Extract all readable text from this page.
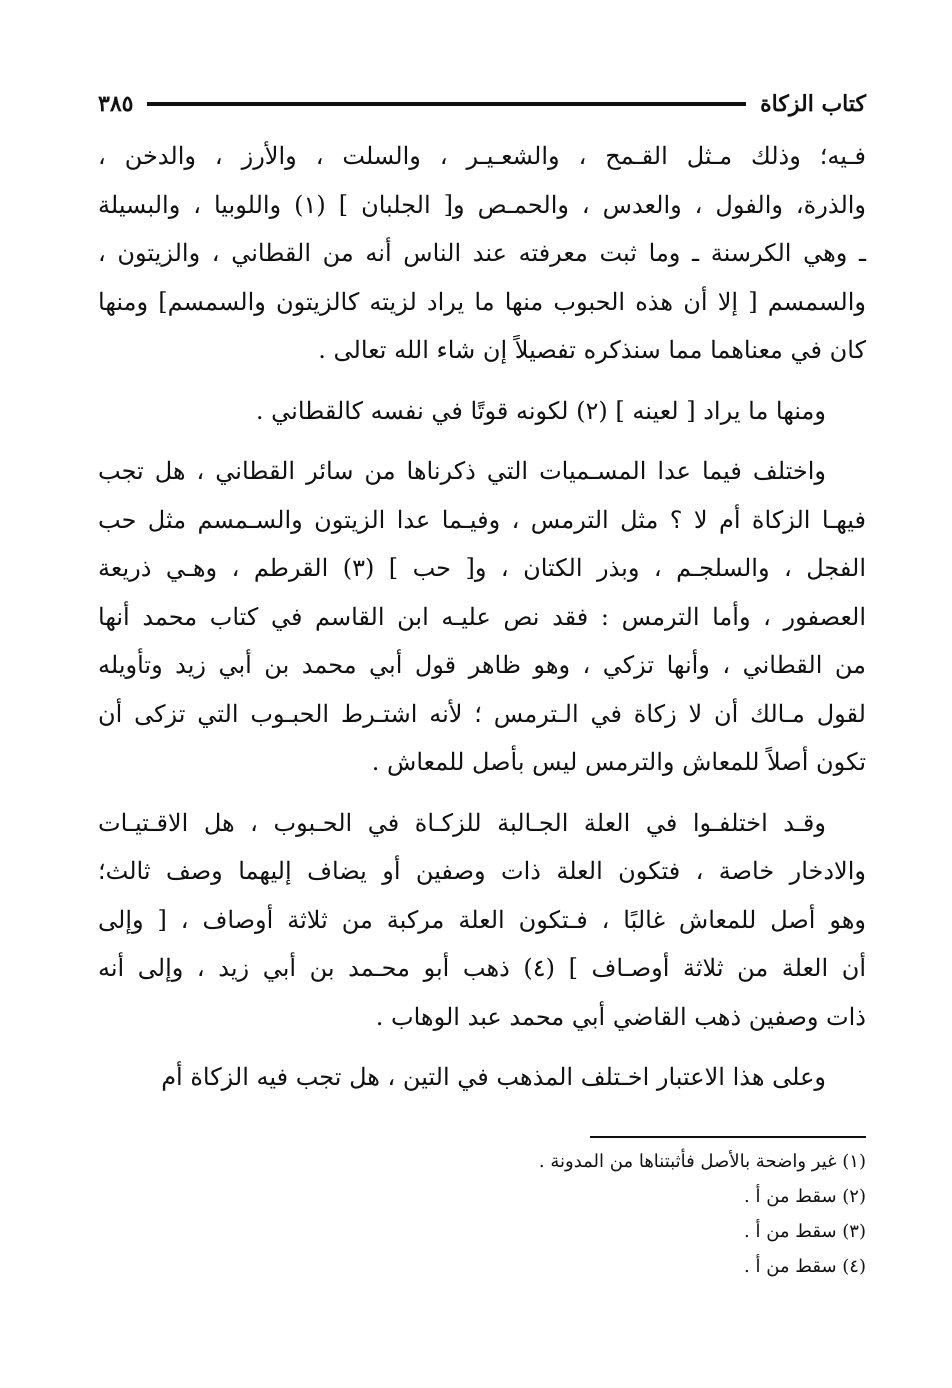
كتاب الزكاة
٣٨٥
فـيه؛ وذلك مـثل القـمح ، والشعـيـر ، والسلت ، والأرز ، والدخن ،
والذرة، والفول ، والعدس ، والحمـص و[ الجلبان ] (١) واللوبيا ، والبسيلة
ـ وهي الكرسنة ـ وما ثبت معرفته عند الناس أنه من القطاني ، والزيتون ،
والسمسم [ إلا أن هذه الحبوب منها ما يراد لزيته كالزيتون والسمسم] ومنها
كان في معناهما مما سنذكره تفصيلاً إن شاء الله تعالى .
ومنها ما يراد [ لعينه ] (٢) لكونه قوتًا في نفسه كالقطاني .
واختلف فيما عدا المسـميات التي ذكرناها من سائر القطاني ، هل تجب
فيهـا الزكاة أم لا ؟ مثل الترمس ، وفيـما عدا الزيتون والسـمسم مثل حب
الفجل ، والسلجـم ، وبذر الكتان ، و[ حب ] (٣) القرطم ، وهـي ذريعة
العصفور ، وأما الترمس : فقد نص عليـه ابن القاسم في كتاب محمد أنها
من القطاني ، وأنها تزكي ، وهو ظاهر قول أبي محمد بن أبي زيد وتأويله
لقول مـالك أن لا زكاة في الـترمس ؛ لأنه اشتـرط الحبـوب التي تزكى أن
تكون أصلاً للمعاش والترمس ليس بأصل للمعاش .
وقـد اختلفـوا في العلة الجـالبة للزكـاة في الحـبوب ، هل الاقـتيـات
والادخار خاصة ، فتكون العلة ذات وصفين أو يضاف إليهما وصف ثالث؛
وهو أصل للمعاش غالبًا ، فـتكون العلة مركبة من ثلاثة أوصاف ، [ وإلى
أن العلة من ثلاثة أوصـاف ] (٤) ذهب أبو محـمد بن أبي زيد ، وإلى أنه
ذات وصفين ذهب القاضي أبي محمد عبد الوهاب .
وعلى هذا الاعتبار اخـتلف المذهب في التين ، هل تجب فيه الزكاة أم
(١) غير واضحة بالأصل فأثبتناها من المدونة .
(٢) سقط من أ .
(٣) سقط من أ .
(٤) سقط من أ .
